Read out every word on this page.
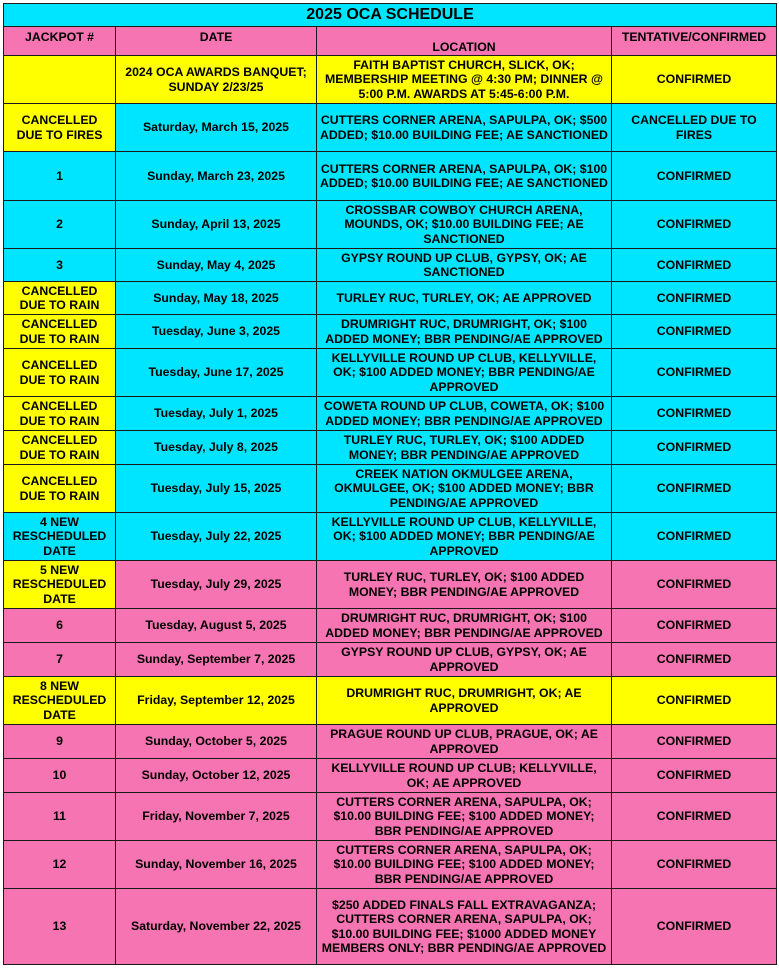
2025 OCA SCHEDULE			
JACKPOT #	DATE	LOCATION	TENTATIVE/CONFIRMED
	2024 OCA AWARDS BANQUET; SUNDAY 2/23/25	FAITH BAPTIST CHURCH, SLICK, OK; MEMBERSHIP MEETING @ 4:30 PM; DINNER @ 5:00 P.M. AWARDS AT 5:45-6:00 P.M.	CONFIRMED
CANCELLED DUE TO FIRES	Saturday, March 15, 2025	CUTTERS CORNER ARENA, SAPULPA, OK; $500 ADDED; $10.00 BUILDING FEE; AE SANCTIONED	CANCELLED DUE TO FIRES
1	Sunday, March 23, 2025	CUTTERS CORNER ARENA, SAPULPA, OK; $100 ADDED; $10.00 BUILDING FEE; AE SANCTIONED	CONFIRMED
2	Sunday, April 13, 2025	CROSSBAR COWBOY CHURCH ARENA, MOUNDS, OK; $10.00 BUILDING FEE; AE SANCTIONED	CONFIRMED
3	Sunday, May 4, 2025	GYPSY ROUND UP CLUB, GYPSY, OK; AE SANCTIONED	CONFIRMED
CANCELLED DUE TO RAIN	Sunday, May 18, 2025	TURLEY RUC, TURLEY, OK; AE APPROVED	CONFIRMED
CANCELLED DUE TO RAIN	Tuesday, June 3, 2025	DRUMRIGHT RUC, DRUMRIGHT, OK; $100 ADDED MONEY; BBR PENDING/AE APPROVED	CONFIRMED
CANCELLED DUE TO RAIN	Tuesday, June 17, 2025	KELLYVILLE ROUND UP CLUB, KELLYVILLE, OK; $100 ADDED MONEY; BBR PENDING/AE APPROVED	CONFIRMED
CANCELLED DUE TO RAIN	Tuesday, July 1, 2025	COWETA ROUND UP CLUB, COWETA, OK; $100 ADDED MONEY; BBR PENDING/AE APPROVED	CONFIRMED
CANCELLED DUE TO RAIN	Tuesday, July 8, 2025	TURLEY RUC, TURLEY, OK; $100 ADDED MONEY; BBR PENDING/AE APPROVED	CONFIRMED
CANCELLED DUE TO RAIN	Tuesday, July 15, 2025	CREEK NATION OKMULGEE ARENA, OKMULGEE, OK; $100 ADDED MONEY; BBR PENDING/AE APPROVED	CONFIRMED
4 NEW RESCHEDULED DATE	Tuesday, July 22, 2025	KELLYVILLE ROUND UP CLUB, KELLYVILLE, OK; $100 ADDED MONEY; BBR PENDING/AE APPROVED	CONFIRMED
5 NEW RESCHEDULED DATE	Tuesday, July 29, 2025	TURLEY RUC, TURLEY, OK; $100 ADDED MONEY; BBR PENDING/AE APPROVED	CONFIRMED
6	Tuesday, August 5, 2025	DRUMRIGHT RUC, DRUMRIGHT, OK; $100 ADDED MONEY; BBR PENDING/AE APPROVED	CONFIRMED
7	Sunday, September 7, 2025	GYPSY ROUND UP CLUB, GYPSY, OK; AE APPROVED	CONFIRMED
8 NEW RESCHEDULED DATE	Friday, September 12, 2025	DRUMRIGHT RUC, DRUMRIGHT, OK; AE APPROVED	CONFIRMED
9	Sunday, October 5, 2025	PRAGUE ROUND UP CLUB, PRAGUE, OK; AE APPROVED	CONFIRMED
10	Sunday, October 12, 2025	KELLYVILLE ROUND UP CLUB; KELLYVILLE, OK; AE APPROVED	CONFIRMED
11	Friday, November 7, 2025	CUTTERS CORNER ARENA, SAPULPA, OK; $10.00 BUILDING FEE; $100 ADDED MONEY; BBR PENDING/AE APPROVED	CONFIRMED
12	Sunday, November 16, 2025	CUTTERS CORNER ARENA, SAPULPA, OK; $10.00 BUILDING FEE; $100 ADDED MONEY; BBR PENDING/AE APPROVED	CONFIRMED
13	Saturday, November 22, 2025	$250 ADDED FINALS FALL EXTRAVAGANZA; CUTTERS CORNER ARENA, SAPULPA, OK; $10.00 BUILDING FEE; $1000 ADDED MONEY MEMBERS ONLY; BBR PENDING/AE APPROVED	CONFIRMED
